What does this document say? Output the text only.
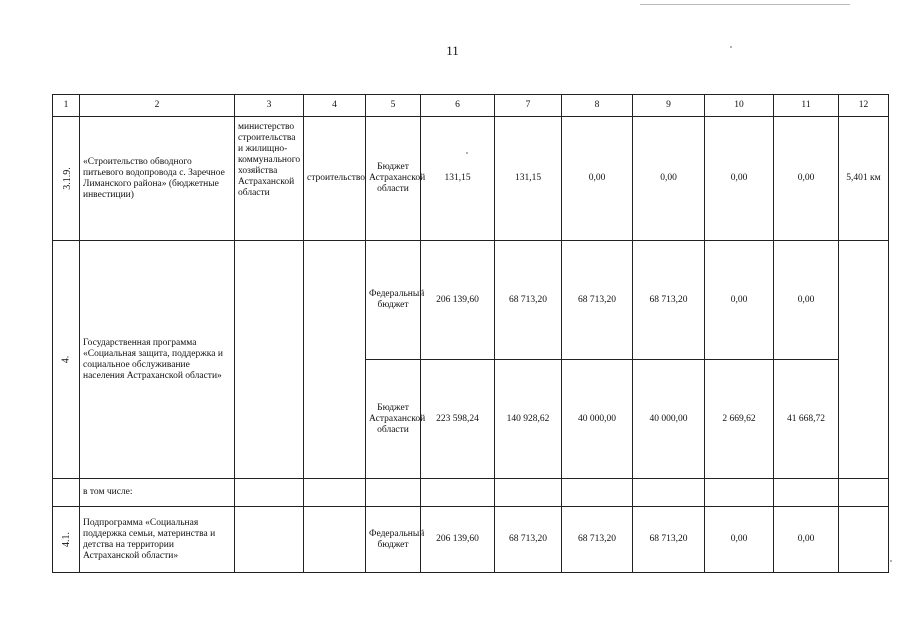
11
1	2	3	4	5	6	7	8	9	10	11	12
3.1.9.	«Строительство обводного питьевого водопровода с. Заречное Лиманского района» (бюджетные инвестиции)	министерство строительства и жилищно-коммунального хозяйства Астраханской области	строительство	Бюджет Астраханской области	131,15	131,15	0,00	0,00	0,00	0,00	5,401 км
4.	Государственная программа «Социальная защита, поддержка и социальное обслуживание населения Астраханской области»			Федеральный бюджет	206 139,60	68 713,20	68 713,20	68 713,20	0,00	0,00	
				Бюджет Астраханской области	223 598,24	140 928,62	40 000,00	40 000,00	2 669,62	41 668,72	
	в том числе:										
4.1.	Подпрограмма «Социальная поддержка семьи, материнства и детства на территории Астраханской области»			Федеральный бюджет	206 139,60	68 713,20	68 713,20	68 713,20	0,00	0,00	
